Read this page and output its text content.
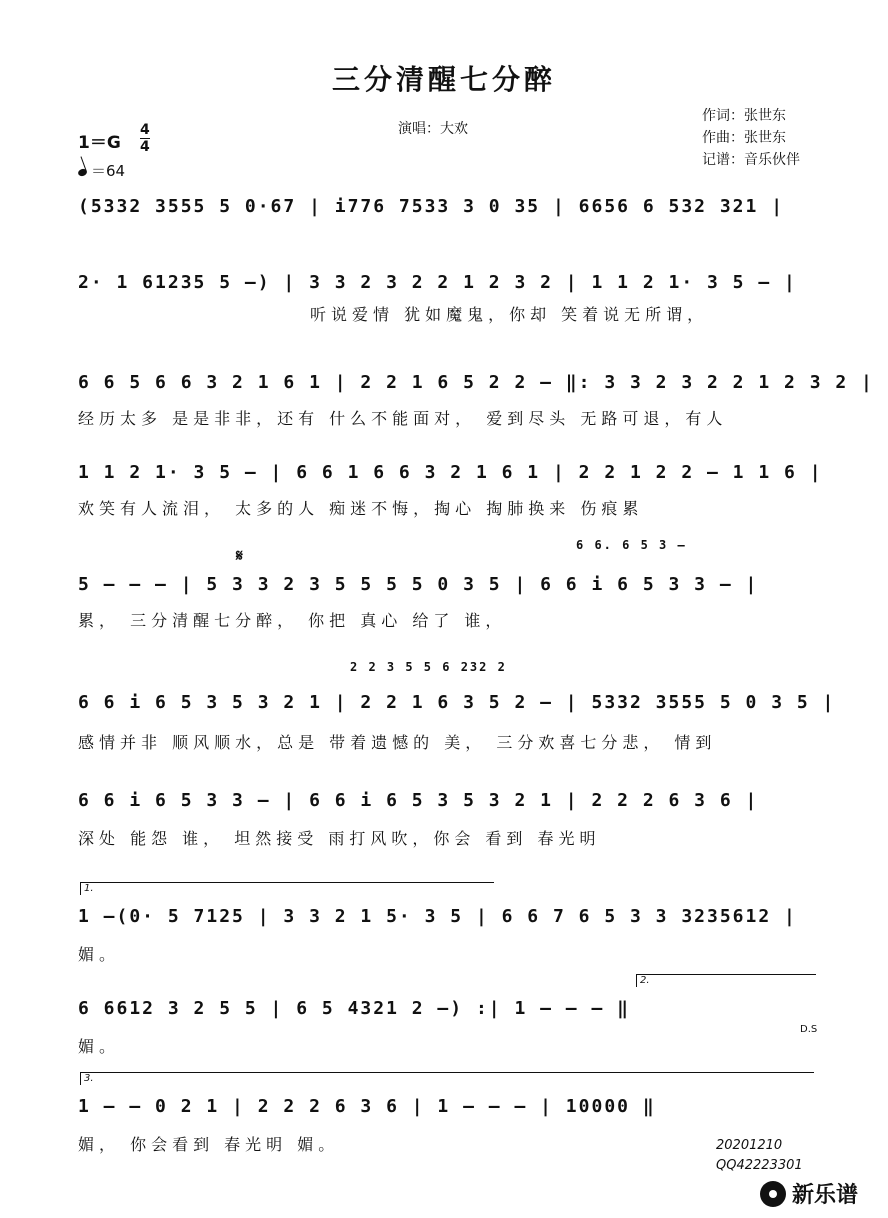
三分清醒七分醉
演唱：大欢
作词：张世东
作曲：张世东
记谱：音乐伙伴
1＝G
4
4
＝64
(5332 3555 5 0·67 | i776 7533 3 0 35 | 6656 6 532 321 |
2· 1 61235 5 –) | 3 3 2 3 2 2 1 2 3 2 | 1 1 2 1· 3 5 – |
听说爱情 犹如魔鬼，你却 笑着说无所谓，
6 6 5 6 6 3 2 1 6 1 | 2 2 1 6 5 2 2 – ‖: 3 3 2 3 2 2 1 2 3 2 |
经历太多 是是非非，还有 什么不能面对， 爱到尽头 无路可退，有人
1 1 2 1· 3 5 – | 6 6 1 6 6 3 2 1 6 1 | 2 2 1 2 2 – 1 1 6 |
欢笑有人流泪， 太多的人 痴迷不悔，掏心 掏肺换来 伤痕累
𝄋
6 6. 6 5 3 –
5 – – – | 5 3 3 2 3 5 5 5 5 0 3 5 | 6 6 i 6 5 3 3 – |
累， 三分清醒七分醉， 你把 真心 给了 谁，
2 2 3 5 5 6 232 2
6 6 i 6 5 3 5 3 2 1 | 2 2 1 6 3 5 2 – | 5332 3555 5 0 3 5 |
感情并非 顺风顺水，总是 带着遗憾的 美， 三分欢喜七分悲， 情到
6 6 i 6 5 3 3 – | 6 6 i 6 5 3 5 3 2 1 | 2 2 2 6 3 6 |
深处 能怨 谁， 坦然接受 雨打风吹，你会 看到 春光明
1.
1 –(0· 5 7125 | 3 3 2 1 5· 3 5 | 6 6 7 6 5 3 3 3235612 |
媚。
2.
6 6612 3 2 5 5 | 6 5 4321 2 –) :| 1 – – – ‖
D.S
媚。
3.
1 – – 0 2 1 | 2 2 2 6 3 6 | 1 – – – | 10000 ‖
媚， 你会看到 春光明 媚。	20201210
QQ42223301
新乐谱
